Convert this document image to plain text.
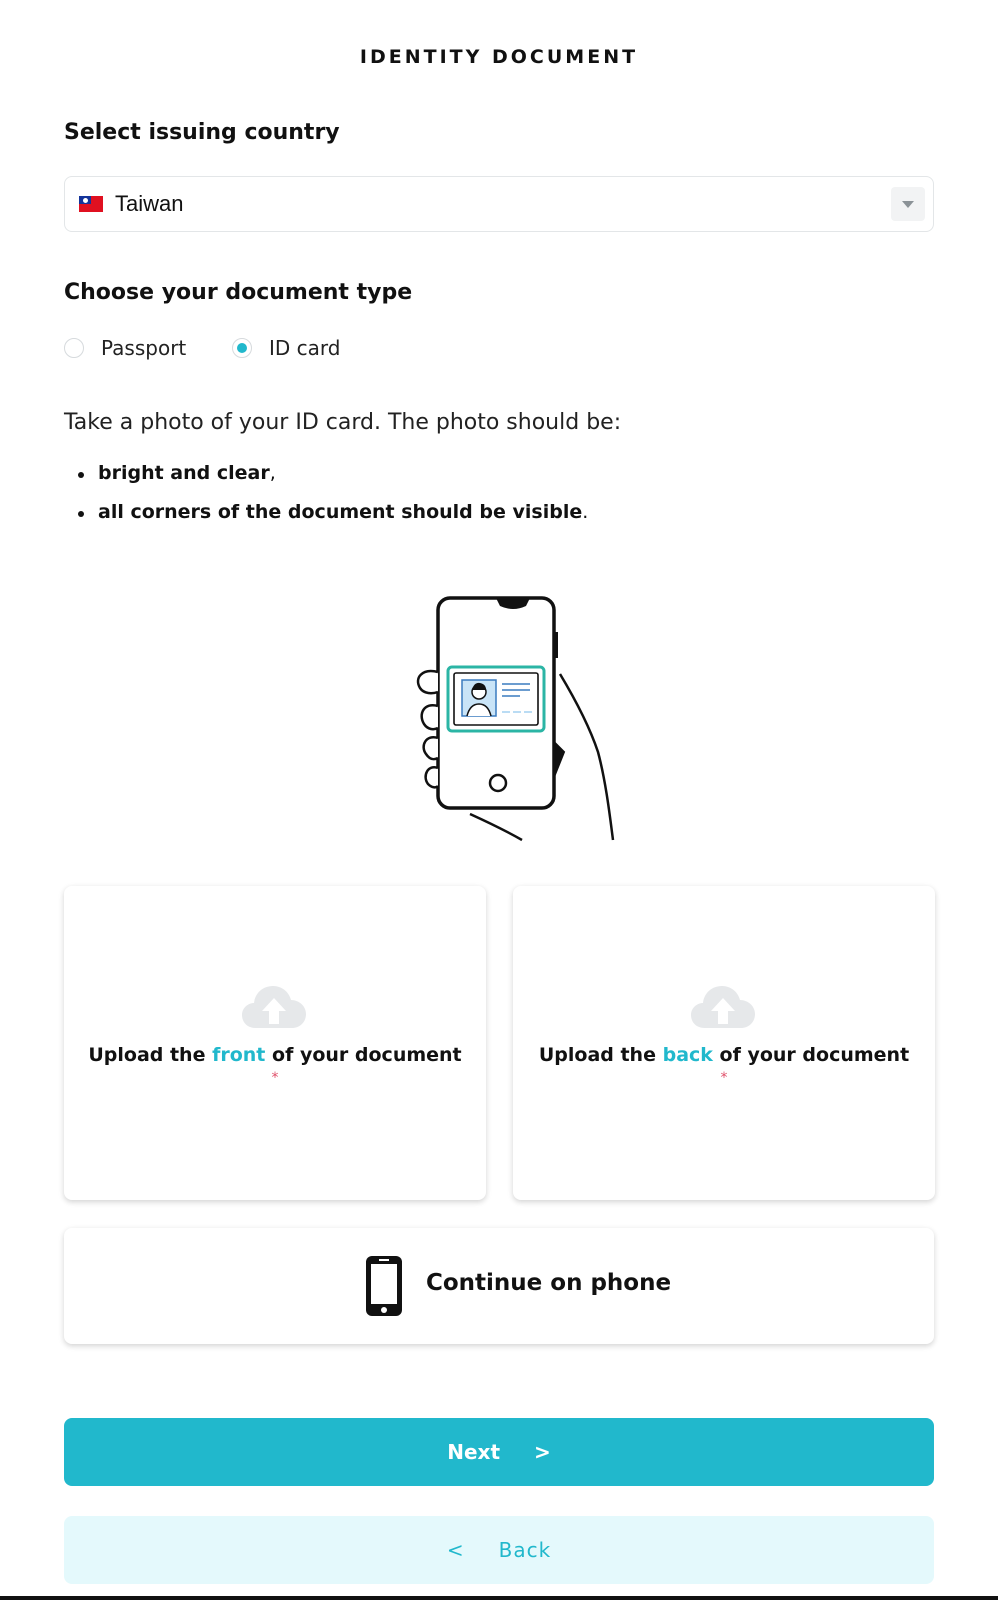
IDENTITY DOCUMENT
Select issuing country
Taiwan
Choose your document type
Passport	ID card
Take a photo of your ID card. The photo should be:
bright and clear,
all corners of the document should be visible.
Upload the front of your document
*
Upload the back of your document
*
Continue on phone
Next >
< Back
